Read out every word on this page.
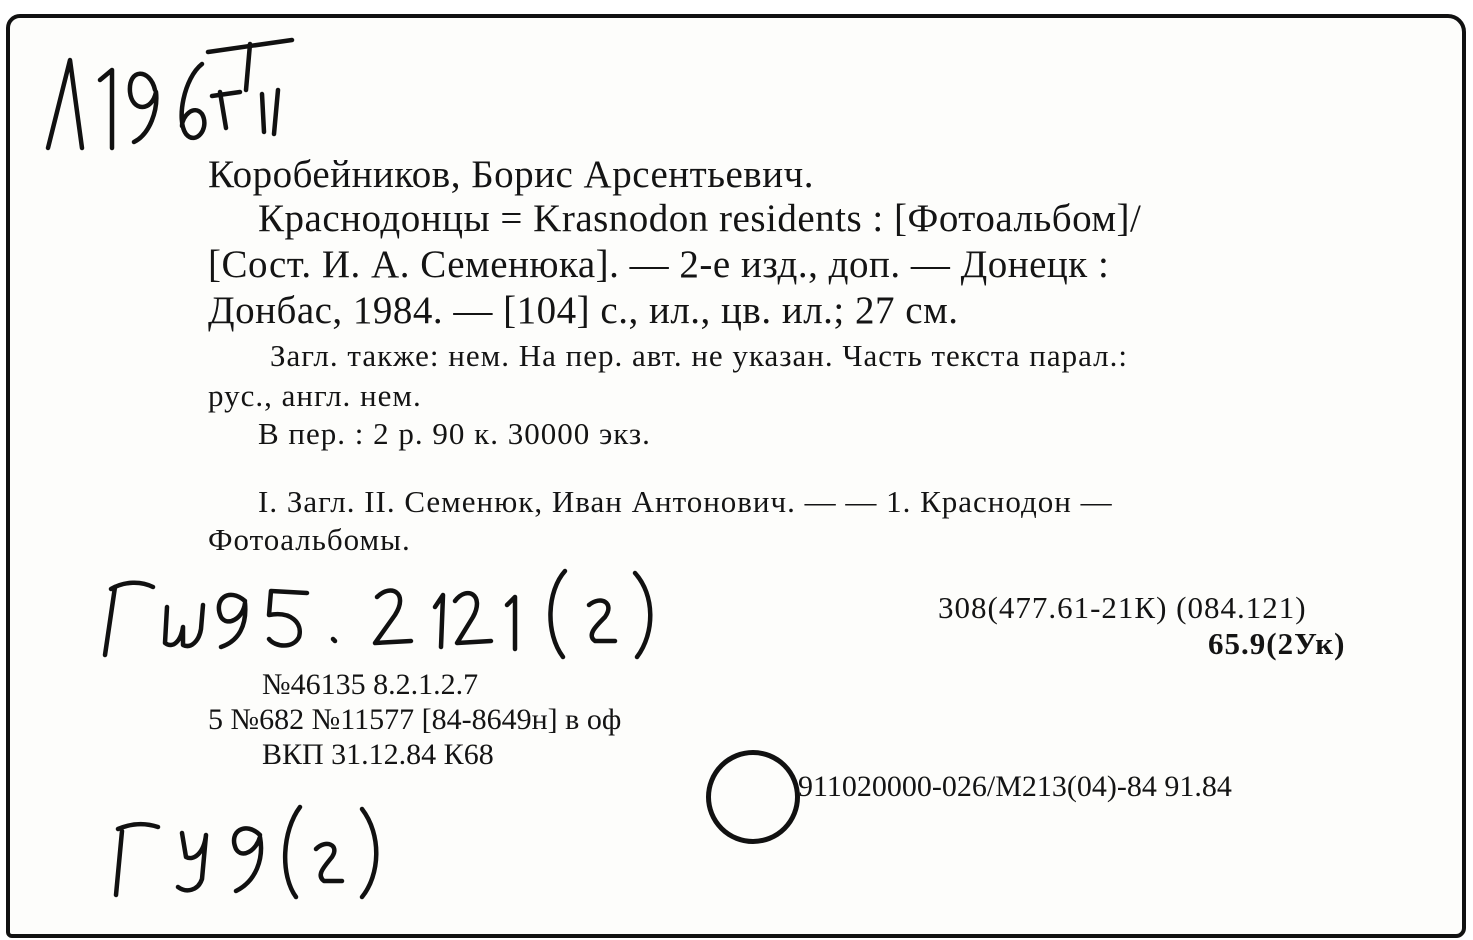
Коробейников, Борис Арсентьевич.
Краснодонцы = Krasnodon residents : [Фотоальбом]/
[Сост. И. А. Семенюка]. — 2-е изд., доп. — Донецк :
Донбас, 1984. — [104] с., ил., цв. ил.; 27 см.
Загл. также: нем. На пер. авт. не указан. Часть текста парал.:
рус., англ. нем.
В пер. : 2 р. 90 к. 30000 экз.
I. Загл. II. Семенюк, Иван Антонович. — — 1. Краснодон —
Фотоальбомы.
308(477.61-21К) (084.121)
65.9(2Ук)
№46135 8.2.1.2.7
5 №682 №11577 [84-8649н] в оф
ВКП 31.12.84 К68
911020000-026/М213(04)-84 91.84
